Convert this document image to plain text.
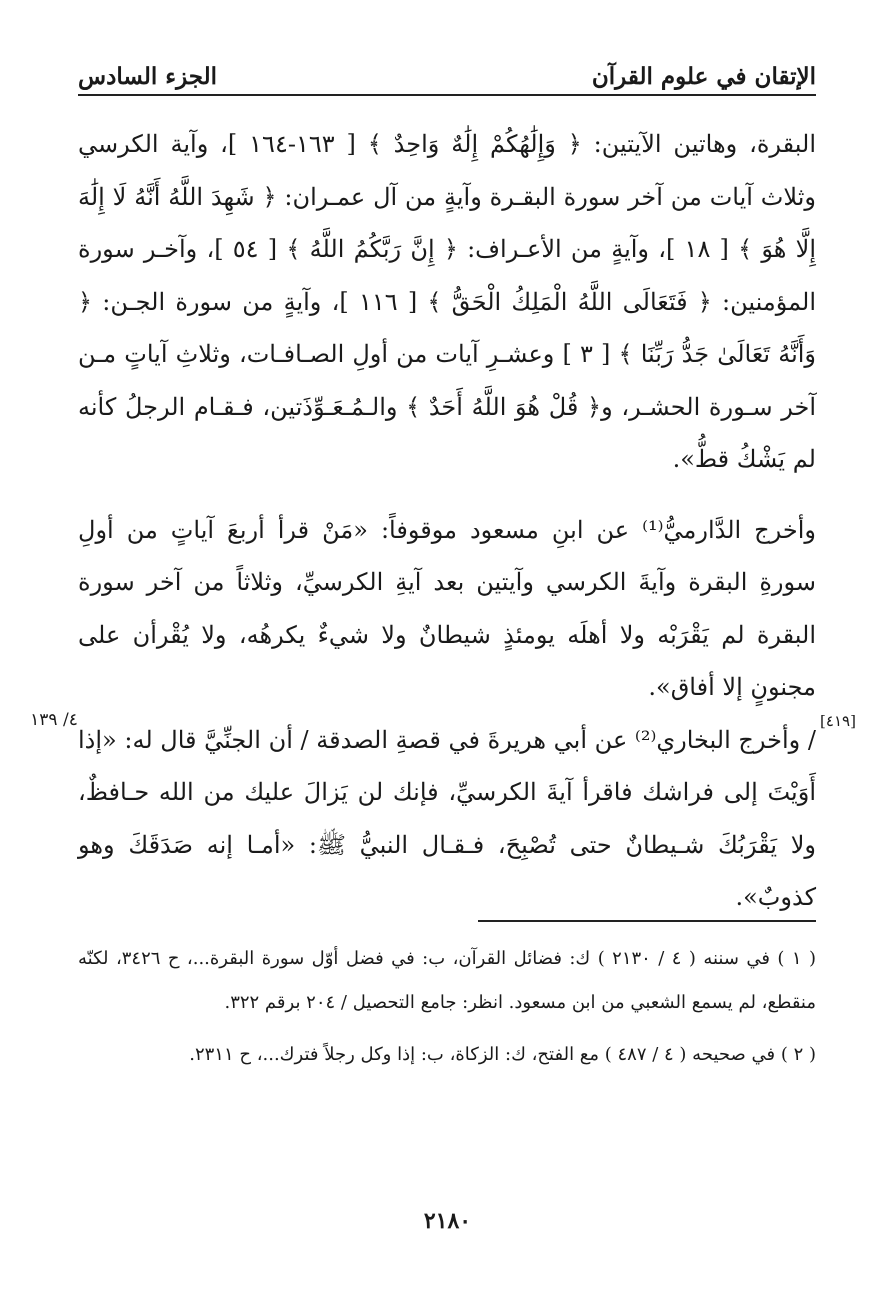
الإتقان في علوم القرآن
الجزء السادس

البقرة، وهاتين الآيتين: ﴿ وَإِلَٰهُكُمْ إِلَٰهٌ وَاحِدٌ ﴾ [ ١٦٣-١٦٤ ]، وآية الكرسي وثلاث آيات من آخر سورة البقـرة وآيةٍ من آل عمـران: ﴿ شَهِدَ اللَّهُ أَنَّهُ لَا إِلَٰهَ إِلَّا هُوَ ﴾ [ ١٨ ]، وآيةٍ من الأعـراف: ﴿ إِنَّ رَبَّكُمُ اللَّهُ ﴾ [ ٥٤ ]، وآخـر سورة المؤمنين: ﴿ فَتَعَالَى اللَّهُ الْمَلِكُ الْحَقُّ ﴾ [ ١١٦ ]، وآيةٍ من سورة الجـن: ﴿ وَأَنَّهُ تَعَالَىٰ جَدُّ رَبِّنَا ﴾ [ ٣ ] وعشـرِ آيات من أولِ الصـافـات، وثلاثِ آياتٍ مـن آخر سـورة الحشـر، و﴿ قُلْ هُوَ اللَّهُ أَحَدٌ ﴾ والـمُـعَـوِّذَتين، فـقـام الرجلُ كأنه لم يَشْكُ قطُّ».

وأخرج الدَّارميُّ⁽¹⁾ عن ابنِ مسعود موقوفاً: «مَنْ قرأ أربعَ آياتٍ من أولِ سورةِ البقرة وآيةَ الكرسي وآيتين بعد آيةِ الكرسيِّ، وثلاثاً من آخر سورة البقرة لم يَقْرَبْه ولا أهلَه يومئذٍ شيطانٌ ولا شيءٌ يكرهُه، ولا يُقْرأن على مجنونٍ إلا أفاق».

/ وأخرج البخاري⁽²⁾ عن أبي هريرةَ في قصةِ الصدقة / أن الجنِّيَّ قال له: «إذا أَوَيْتَ إلى فراشك فاقرأ آيةَ الكرسيِّ، فإنك لن يَزالَ عليك من الله حـافظٌ، ولا يَقْرَبُكَ شـيطانٌ حتى تُصْبِحَ، فـقـال النبيُّ ﷺ: «أمـا إنه صَدَقَكَ وهو كذوبٌ».

[٤١٩]
٤/ ١٣٩

( ١ ) في سننه ( ٤ / ٢١٣٠ ) ك: فضائل القرآن، ب: في فضل أوّل سورة البقرة...، ح ٣٤٢٦، لكنّه منقطع، لم يسمع الشعبي من ابن مسعود. انظر: جامع التحصيل / ٢٠٤ برقم ٣٢٢.

( ٢ ) في صحيحه ( ٤ / ٤٨٧ ) مع الفتح، ك: الزكاة، ب: إذا وكل رجلاً فترك...، ح ٢٣١١.

٢١٨٠
